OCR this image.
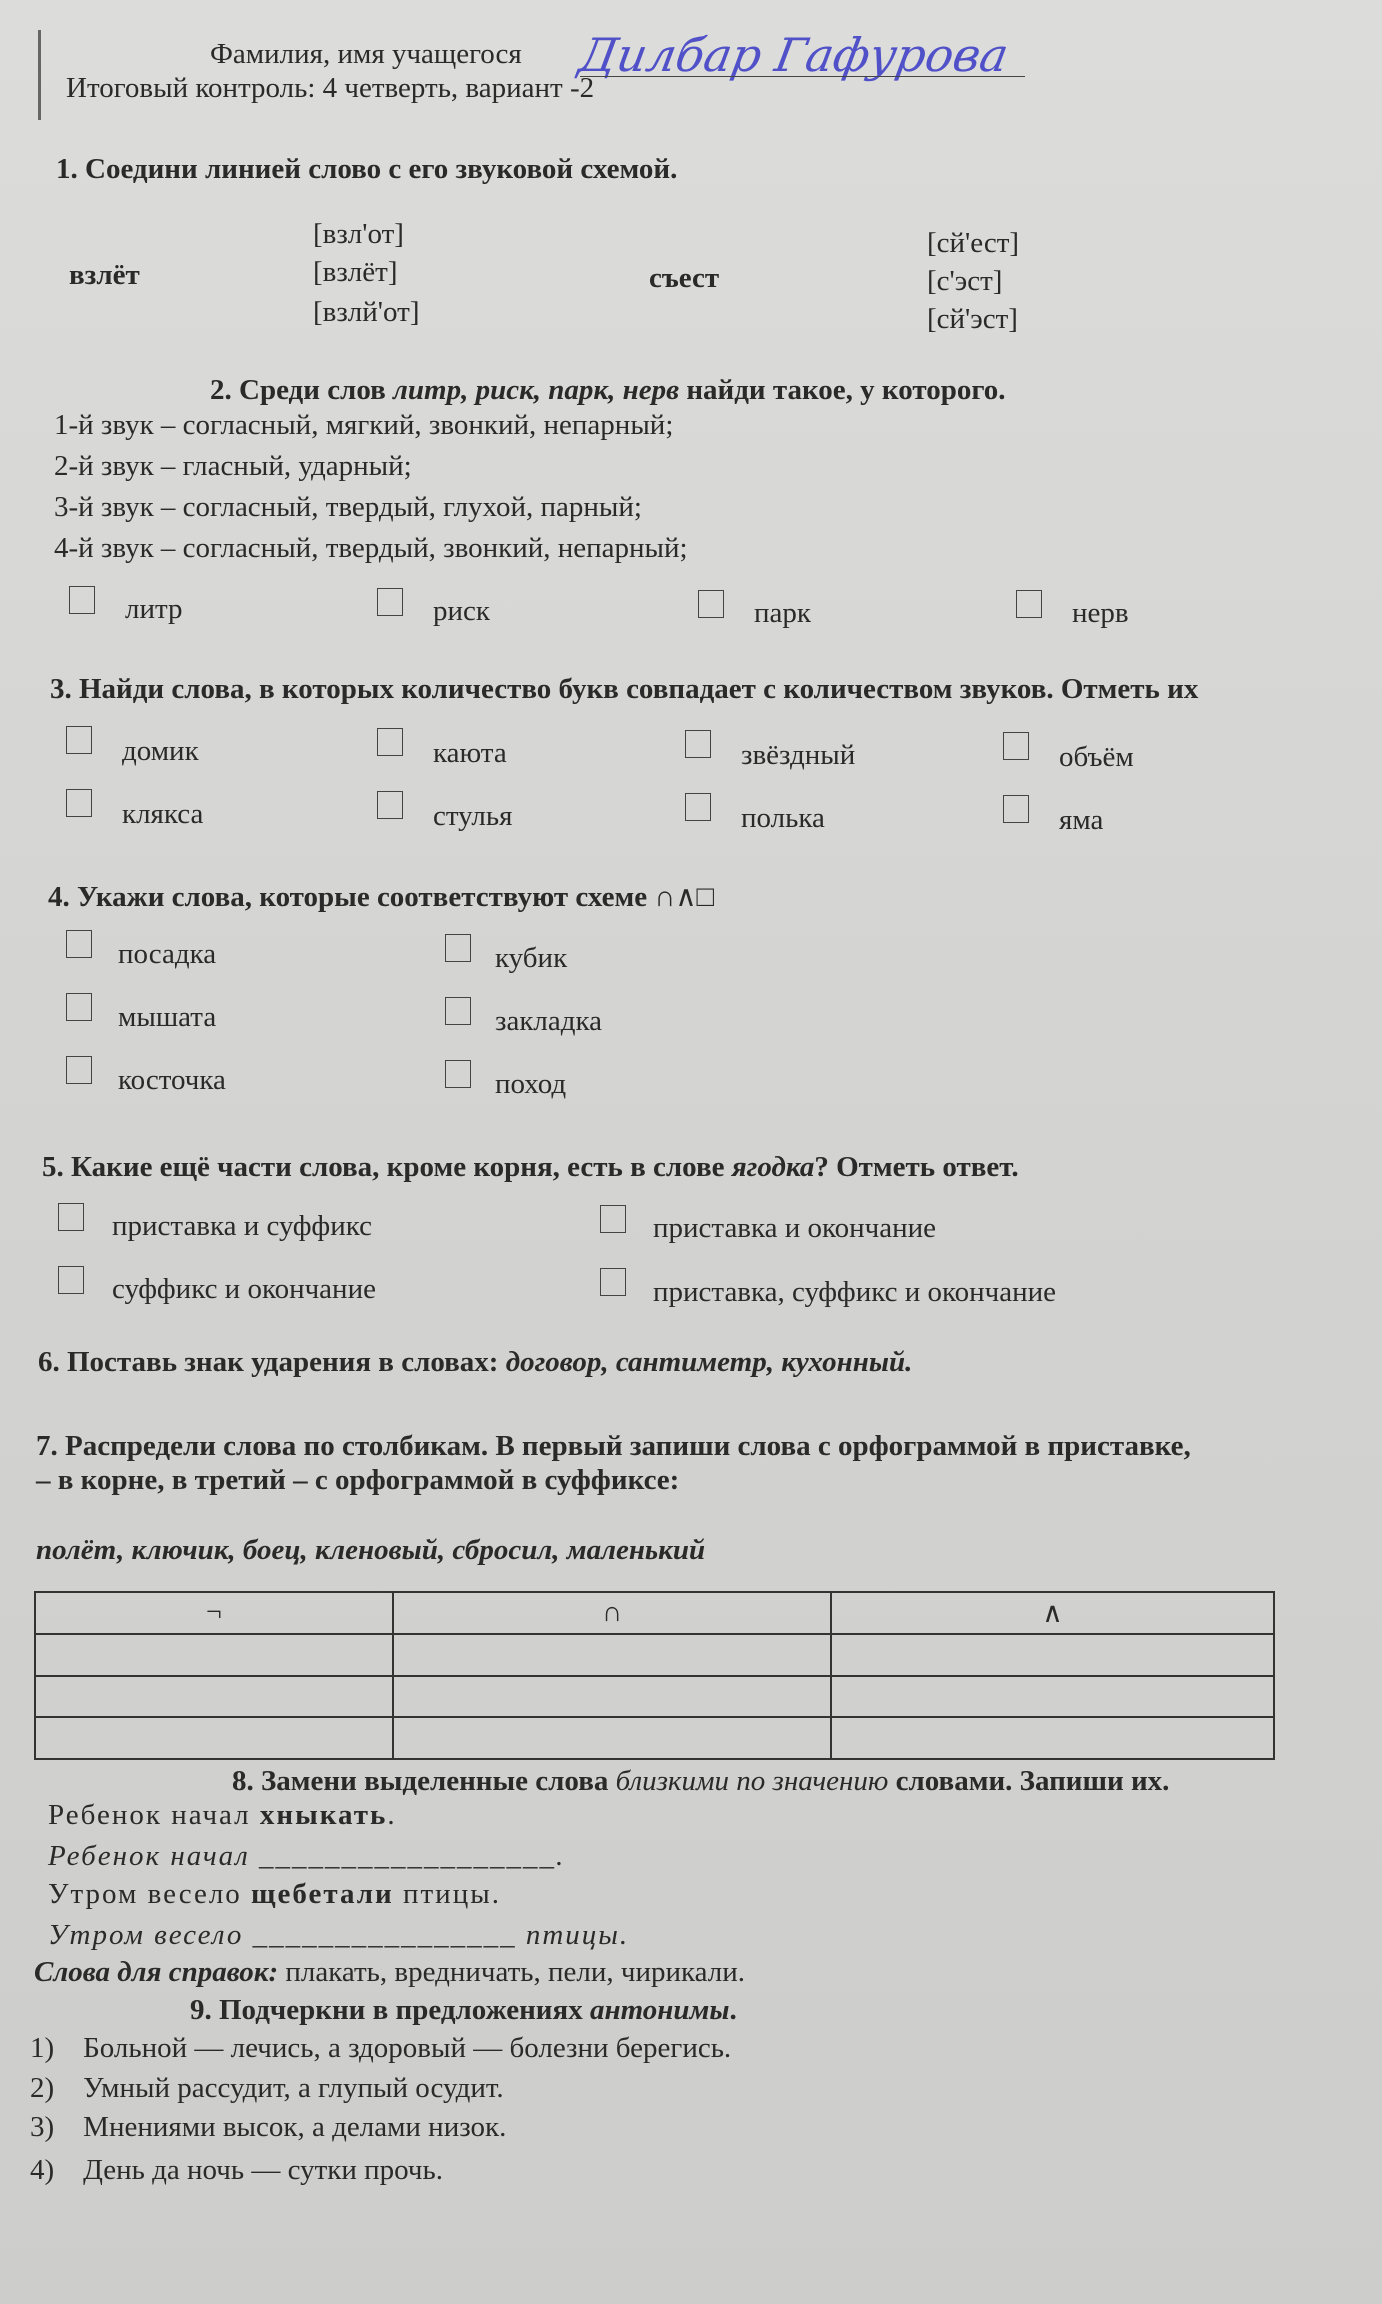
Фамилия, имя учащегося Дилбар Гафурова
Итоговый контроль: 4 четверть, вариант -2
1. Соедини линией слово с его звуковой схемой.
взлёт
[взл'от]
[взлёт]
[взлй'от]
съест
[сй'ест]
[с'эст]
[сй'эст]
2. Среди слов литр, риск, парк, нерв найди такое, у которого.
1-й звук – согласный, мягкий, звонкий, непарный;
2-й звук – гласный, ударный;
3-й звук – согласный, твердый, глухой, парный;
4-й звук – согласный, твердый, звонкий, непарный;
литр	риск	парк	нерв
3. Найди слова, в которых количество букв совпадает с количеством звуков. Отметь их
домик	каюта	звёздный	объём
клякса	стулья	полька	яма
4. Укажи слова, которые соответствуют схеме ∩∧□
посадка
мышата
косточка
кубик
закладка
поход
5. Какие ещё части слова, кроме корня, есть в слове ягодка? Отметь ответ.
приставка и суффикс
суффикс и окончание
приставка и окончание
приставка, суффикс и окончание
6. Поставь знак ударения в словах: договор, сантиметр, кухонный.
7. Распредели слова по столбикам. В первый запиши слова с орфограммой в приставке,
– в корне, в третий – с орфограммой в суффиксе:
полёт, ключик, боец, кленовый, сбросил, маленький
¬	∩	∧

8. Замени выделенные слова близкими по значению словами. Запиши их.
Ребенок начал хныкать.
Ребенок начал __________________.
Утром весело щебетали птицы.
Утром весело ________________ птицы.
Слова для справок: плакать, вредничать, пели, чирикали.
9. Подчеркни в предложениях антонимы.
1)    Больной — лечись, а здоровый — болезни берегись.
2)    Умный рассудит, а глупый осудит.
3)    Мнениями высок, а делами низок.
4)    День да ночь — сутки прочь.
